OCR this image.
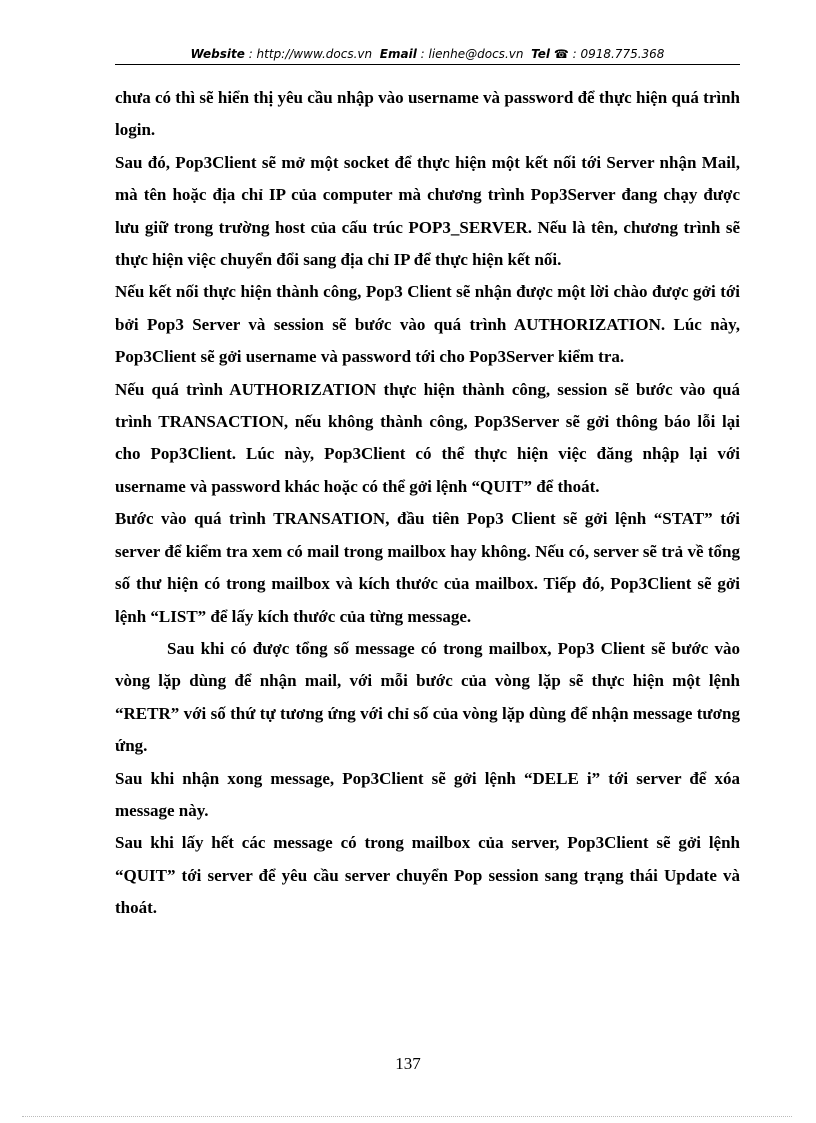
Website : http://www.docs.vn Email : lienhe@docs.vn Tel ☎ : 0918.775.368

chưa có thì sẽ hiển thị yêu cầu nhập vào username và password để thực hiện quá trình login.

Sau đó, Pop3Client sẽ mở một socket để thực hiện một kết nối tới Server nhận Mail, mà tên hoặc địa chỉ IP của computer mà chương trình Pop3Server đang chạy được lưu giữ trong trường host của cấu trúc POP3_SERVER. Nếu là tên, chương trình sẽ thực hiện việc chuyển đổi sang địa chỉ IP để thực hiện kết nối.

Nếu kết nối thực hiện thành công, Pop3 Client sẽ nhận được một lời chào được gởi tới bởi Pop3 Server và session sẽ bước vào quá trình AUTHORIZATION. Lúc này, Pop3Client sẽ gởi username và password tới cho Pop3Server kiểm tra.

Nếu quá trình AUTHORIZATION thực hiện thành công, session sẽ bước vào quá trình TRANSACTION, nếu không thành công, Pop3Server sẽ gởi thông báo lỗi lại cho Pop3Client. Lúc này, Pop3Client có thể thực hiện việc đăng nhập lại với username và password khác hoặc có thể gởi lệnh “QUIT” để thoát.

Bước vào quá trình TRANSATION, đầu tiên Pop3 Client sẽ gởi lệnh “STAT” tới server để kiểm tra xem có mail trong mailbox hay không. Nếu có, server sẽ trả về tổng số thư hiện có trong mailbox và kích thước của mailbox. Tiếp đó, Pop3Client sẽ gởi lệnh “LIST” để lấy kích thước của từng message.

Sau khi có được tổng số message có trong mailbox, Pop3 Client sẽ bước vào vòng lặp dùng để nhận mail, với mỗi bước của vòng lặp sẽ thực hiện một lệnh “RETR” với số thứ tự tương ứng với chỉ số của vòng lặp dùng để nhận message tương ứng.

Sau khi nhận xong message, Pop3Client sẽ gởi lệnh “DELE i” tới server để xóa message này.

Sau khi lấy hết các message có trong mailbox của server, Pop3Client sẽ gởi lệnh “QUIT” tới server để yêu cầu server chuyển Pop session sang trạng thái Update và thoát.

137
